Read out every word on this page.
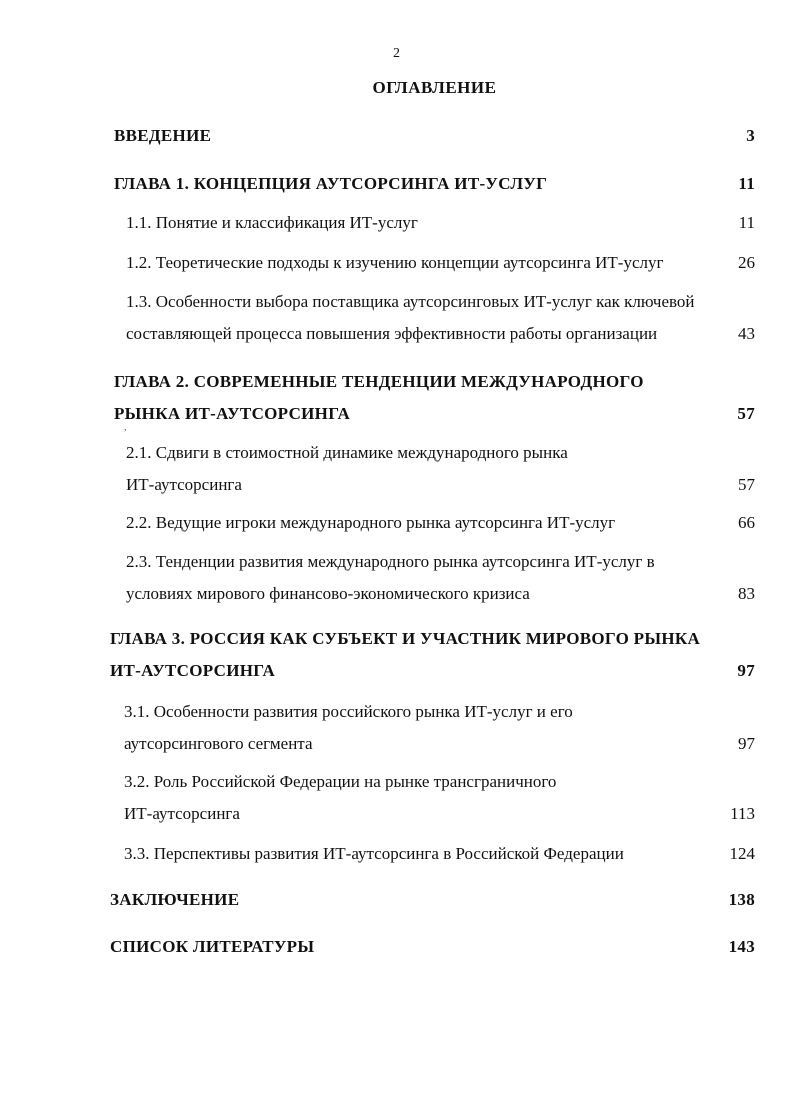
2
ОГЛАВЛЕНИЕ
ВВЕДЕНИЕ	3
ГЛАВА 1. КОНЦЕПЦИЯ АУТСОРСИНГА ИТ-УСЛУГ	11
1.1. Понятие и классификация ИТ-услуг	11
1.2. Теоретические подходы к изучению концепции аутсорсинга ИТ-услуг	26
1.3. Особенности выбора поставщика аутсорсинговых ИТ-услуг как ключевой
составляющей процесса повышения эффективности работы организации	43
ГЛАВА 2. СОВРЕМЕННЫЕ ТЕНДЕНЦИИ МЕЖДУНАРОДНОГО
РЫНКА ИТ-АУТСОРСИНГА	57
,
2.1. Сдвиги в стоимостной динамике международного рынка
ИТ-аутсорсинга	57
2.2. Ведущие игроки международного рынка аутсорсинга ИТ-услуг	66
2.3. Тенденции развития международного рынка аутсорсинга ИТ-услуг в
условиях мирового финансово-экономического кризиса	83
ГЛАВА 3. РОССИЯ КАК СУБЪЕКТ И УЧАСТНИК МИРОВОГО РЫНКА
ИТ-АУТСОРСИНГА	97
3.1. Особенности развития российского рынка ИТ-услуг и его
аутсорсингового сегмента	97
3.2. Роль Российской Федерации на рынке трансграничного
ИТ-аутсорсинга	113
3.3. Перспективы развития ИТ-аутсорсинга в Российской Федерации	124
ЗАКЛЮЧЕНИЕ	138
СПИСОК ЛИТЕРАТУРЫ	143
